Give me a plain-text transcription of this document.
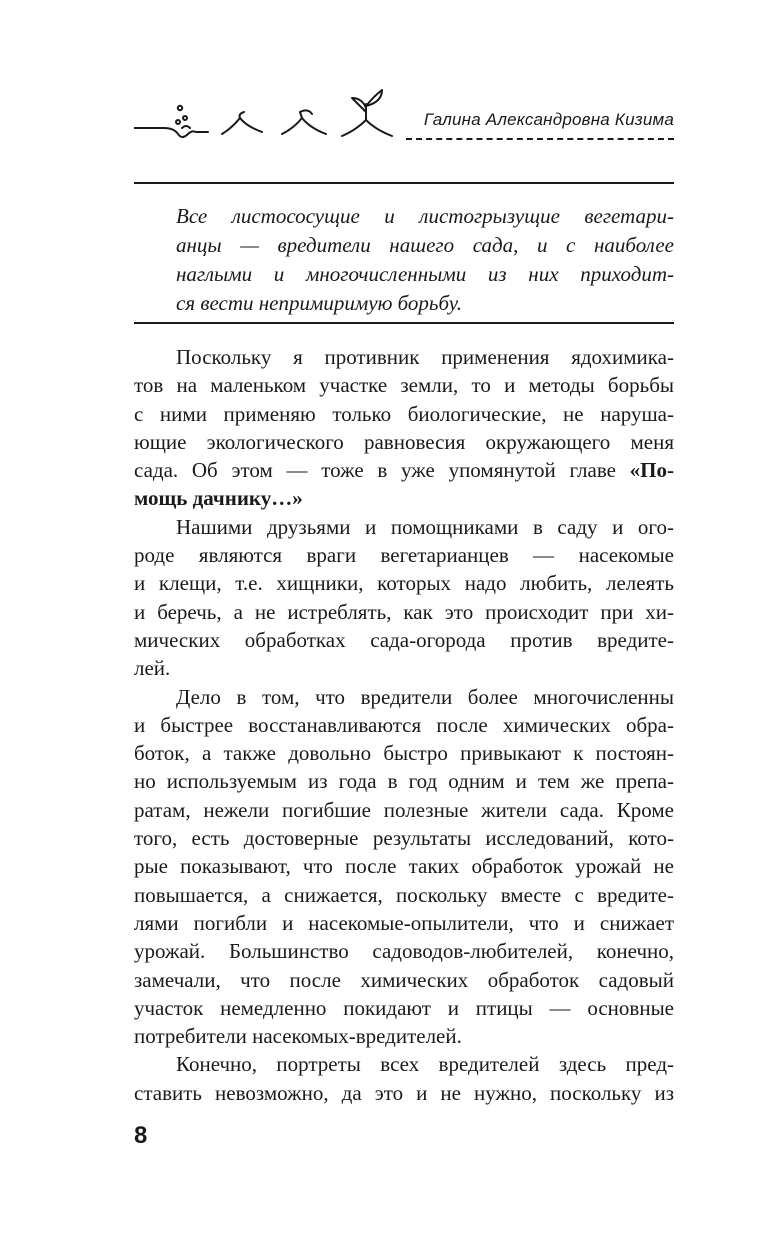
Галина Александровна Кизима
Все листососущие и листогрызущие вегетари-
анцы — вредители нашего сада, и с наиболее
наглыми и многочисленными из них приходит-
ся вести непримиримую борьбу.
Поскольку я противник применения ядохимика-
тов на маленьком участке земли, то и методы борьбы
с ними применяю только биологические, не наруша-
ющие экологического равновесия окружающего меня
сада. Об этом — тоже в уже упомянутой главе «По-
мощь дачнику…»
Нашими друзьями и помощниками в саду и ого-
роде являются враги вегетарианцев — насекомые
и клещи, т.е. хищники, которых надо любить, лелеять
и беречь, а не истреблять, как это происходит при хи-
мических обработках сада-огорода против вредите-
лей.
Дело в том, что вредители более многочисленны
и быстрее восстанавливаются после химических обра-
боток, а также довольно быстро привыкают к постоян-
но используемым из года в год одним и тем же препа-
ратам, нежели погибшие полезные жители сада. Кроме
того, есть достоверные результаты исследований, кото-
рые показывают, что после таких обработок урожай не
повышается, а снижается, поскольку вместе с вредите-
лями погибли и насекомые-опылители, что и снижает
урожай. Большинство садоводов-любителей, конечно,
замечали, что после химических обработок садовый
участок немедленно покидают и птицы — основные
потребители насекомых-вредителей.
Конечно, портреты всех вредителей здесь пред-
ставить невозможно, да это и не нужно, поскольку из
8
